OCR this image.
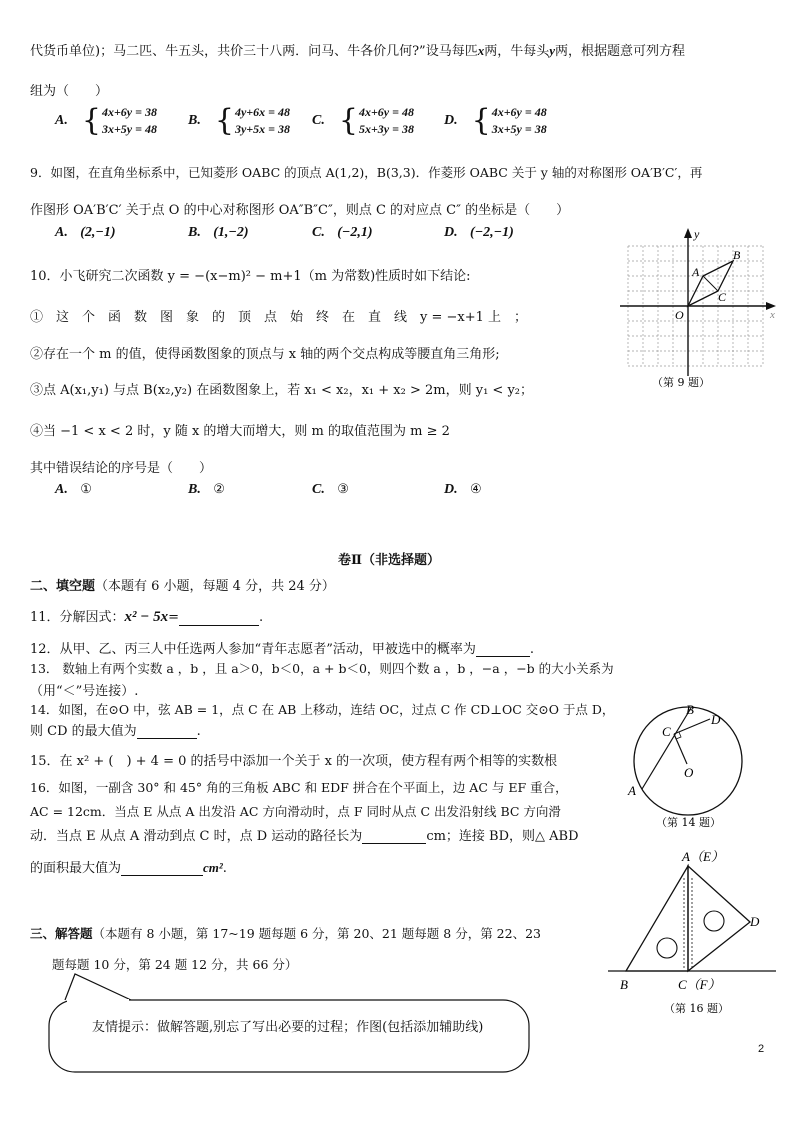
代货币单位)；马二匹、牛五头，共价三十八两．问马、牛各价几何?”设马每匹x两，牛每头y两，根据题意可列方程
组为（　　）
A. { 4x+6y = 38
3x+5y = 48
B. { 4y+6x = 48
3y+5x = 38
C. { 4x+6y = 48
5x+3y = 38
D. { 4x+6y = 48
3x+5y = 38
9．如图，在直角坐标系中，已知菱形 OABC 的顶点 A(1,2)，B(3,3)．作菱形 OABC 关于 y 轴的对称图形 OA′B′C′，再
作图形 OA′B′C′ 关于点 O 的中心对称图形 OA″B″C″，则点 C 的对应点 C″ 的坐标是（　　）
A. (2,−1)	B. (1,−2)	C. (−2,1)	D. (−2,−1)	y
x
O
A
B
C
（第 9 题）
10．小飞研究二次函数 y = −(x−m)² − m+1（m 为常数)性质时如下结论:
①　这　个　函　数　图　象　的　顶　点　始　终　在　直　线　y = −x+1 上　；
②存在一个 m 的值，使得函数图象的顶点与 x 轴的两个交点构成等腰直角三角形;
③点 A(x₁,y₁) 与点 B(x₂,y₂) 在函数图象上，若 x₁ < x₂，x₁ + x₂ > 2m，则 y₁ < y₂；
④当 −1 < x < 2 时，y 随 x 的增大而增大，则 m 的取值范围为 m ≥ 2
其中错误结论的序号是（　　）
A. ①	B. ②	C. ③	D. ④
卷Ⅱ（非选择题）
二、填空题（本题有 6 小题，每题 4 分，共 24 分）
11．分解因式：x² − 5x=	.
12．从甲、乙、丙三人中任选两人参加“青年志愿者”活动，甲被选中的概率为	.
13． 数轴上有两个实数 a ，b ，且 a＞0，b＜0，a + b＜0，则四个数 a ，b ，−a ，−b 的大小关系为
（用“＜”号连接）.
14．如图，在⊙O 中，弦 AB = 1，点 C 在 AB 上移动，连结 OC，过点 C 作 CD⊥OC 交⊙O 于点 D，
则 CD 的最大值为	.
A
B
C
D
O
（第 14 题）
15．在 x² + (　) + 4 = 0 的括号中添加一个关于 x 的一次项，使方程有两个相等的实数根
16．如图，一副含 30° 和 45° 角的三角板 ABC 和 EDF 拼合在个平面上，边 AC 与 EF 重合，
AC = 12cm．当点 E 从点 A 出发沿 AC 方向滑动时，点 F 同时从点 C 出发沿射线 BC 方向滑
动．当点 E 从点 A 滑动到点 C 时，点 D 运动的路径长为	cm；连接 BD，则△ ABD
的面积最大值为	cm².
A（E）
D
B	C（F）
（第 16 题）
三、解答题（本题有 8 小题，第 17~19 题每题 6 分，第 20、21 题每题 8 分，第 22、23
题每题 10 分，第 24 题 12 分，共 66 分）
友情提示：做解答题,别忘了写出必要的过程；作图(包括添加辅助线)
2
